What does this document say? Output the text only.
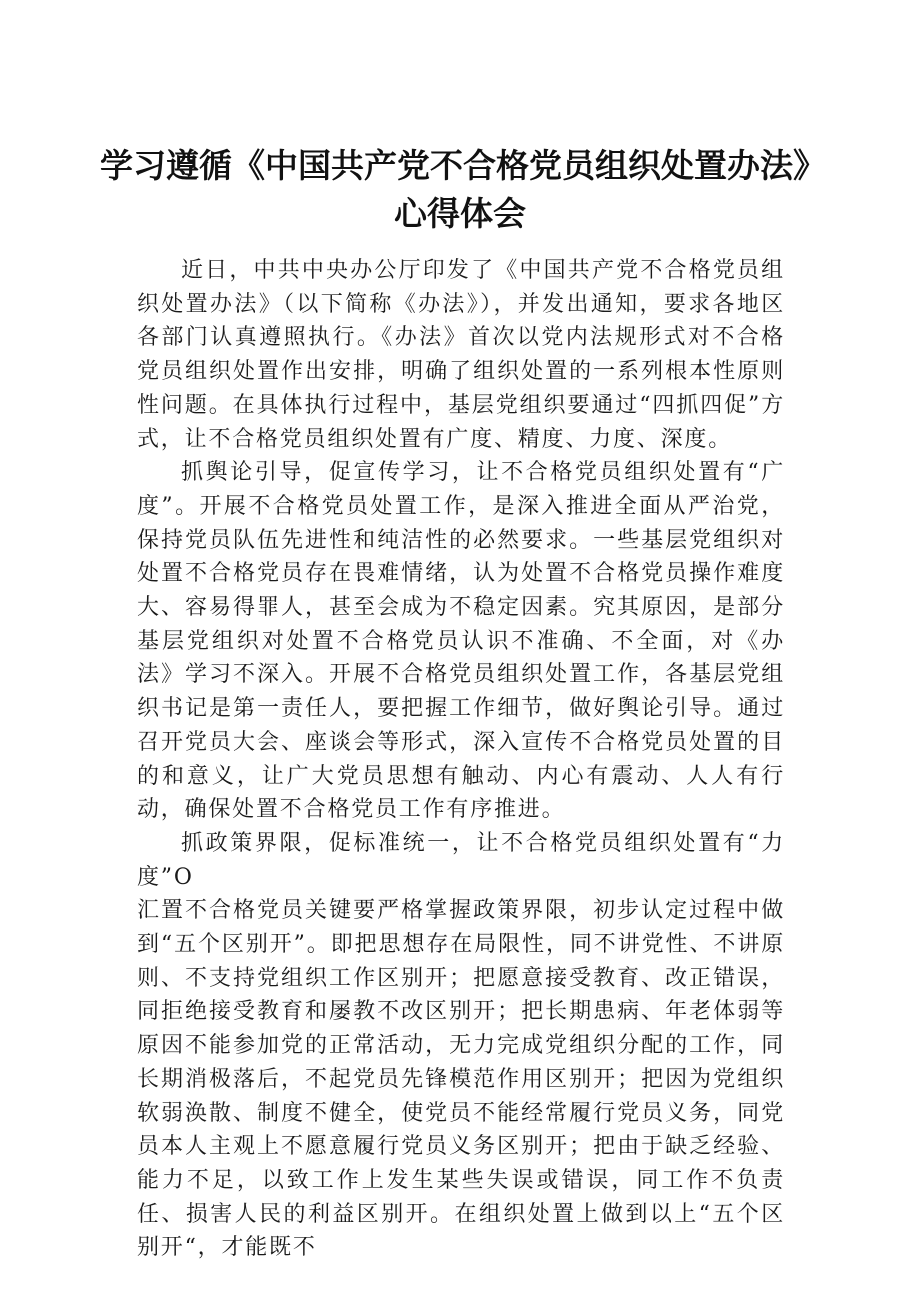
学习遵循《中国共产党不合格党员组织处置办法》
心得体会

近日，中共中央办公厅印发了《中国共产党不合格党员组织处置办法》（以下简称《办法》），并发出通知，要求各地区各部门认真遵照执行。《办法》首次以党内法规形式对不合格党员组织处置作出安排，明确了组织处置的一系列根本性原则性问题。在具体执行过程中，基层党组织要通过“四抓四促”方式，让不合格党员组织处置有广度、精度、力度、深度。

抓舆论引导，促宣传学习，让不合格党员组织处置有“广度”。开展不合格党员处置工作，是深入推进全面从严治党，保持党员队伍先进性和纯洁性的必然要求。一些基层党组织对处置不合格党员存在畏难情绪，认为处置不合格党员操作难度大、容易得罪人，甚至会成为不稳定因素。究其原因，是部分基层党组织对处置不合格党员认识不准确、不全面，对《办法》学习不深入。开展不合格党员组织处置工作，各基层党组织书记是第一责任人，要把握工作细节，做好舆论引导。通过召开党员大会、座谈会等形式，深入宣传不合格党员处置的目的和意义，让广大党员思想有触动、内心有震动、人人有行动，确保处置不合格党员工作有序推进。

抓政策界限，促标准统一，让不合格党员组织处置有“力度”O

汇置不合格党员关键要严格掌握政策界限，初步认定过程中做到“五个区别开”。即把思想存在局限性，同不讲党性、不讲原则、不支持党组织工作区别开；把愿意接受教育、改正错误，同拒绝接受教育和屡教不改区别开；把长期患病、年老体弱等原因不能参加党的正常活动，无力完成党组织分配的工作，同长期消极落后，不起党员先锋模范作用区别开；把因为党组织软弱涣散、制度不健全，使党员不能经常履行党员义务，同党员本人主观上不愿意履行党员义务区别开；把由于缺乏经验、能力不足，以致工作上发生某些失误或错误，同工作不负责任、损害人民的利益区别开。在组织处置上做到以上“五个区别开“，才能既不
